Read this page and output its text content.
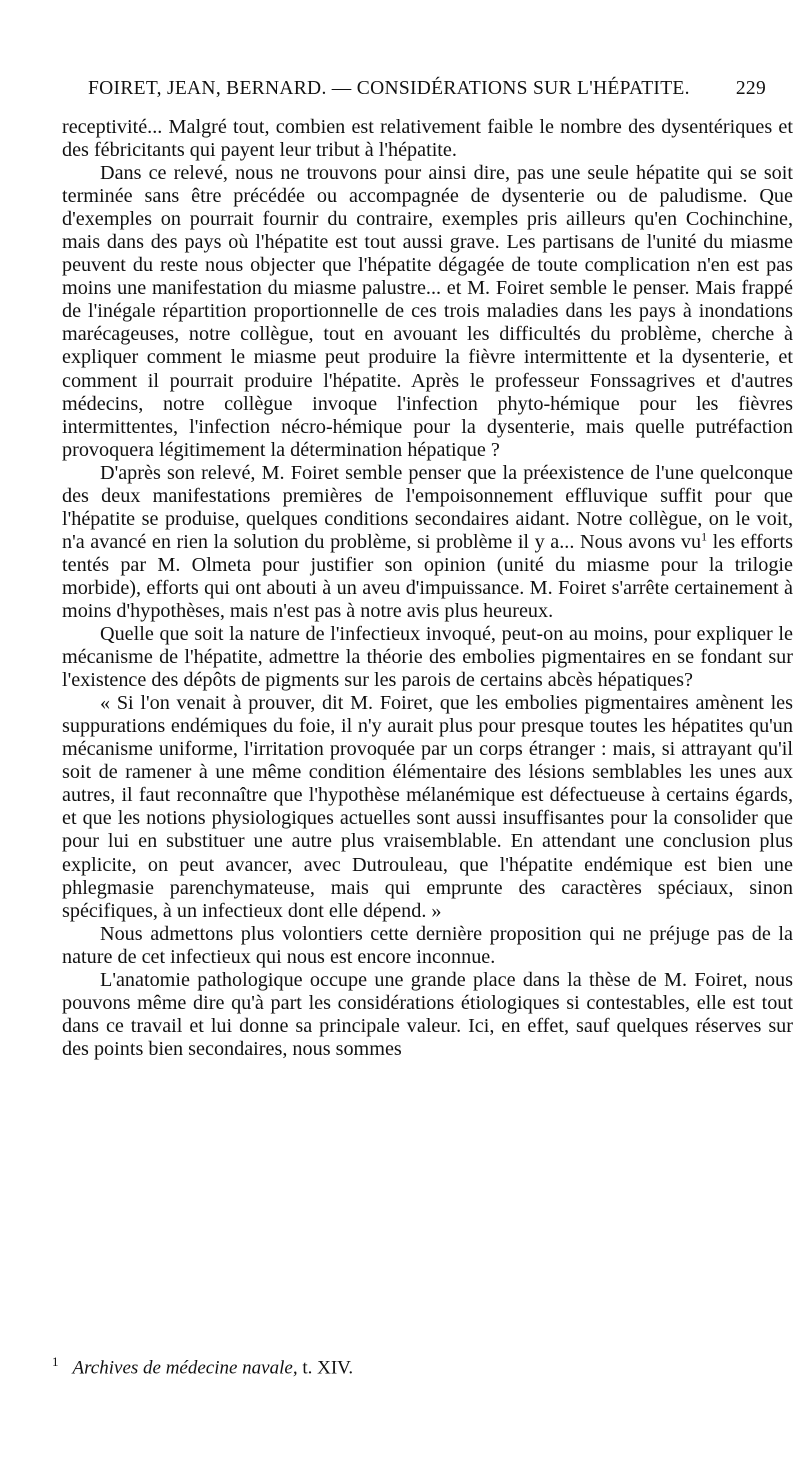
FOIRET, JEAN, BERNARD. — CONSIDÉRATIONS SUR L'HÉPATITE. 229

receptivité... Malgré tout, combien est relativement faible le nombre des dysentériques et des fébricitants qui payent leur tribut à l'hépatite.

Dans ce relevé, nous ne trouvons pour ainsi dire, pas une seule hépatite qui se soit terminée sans être précédée ou accompagnée de dysenterie ou de paludisme. Que d'exemples on pourrait fournir du contraire, exemples pris ailleurs qu'en Cochinchine, mais dans des pays où l'hépatite est tout aussi grave. Les partisans de l'unité du miasme peuvent du reste nous objecter que l'hépatite dégagée de toute complication n'en est pas moins une manifestation du miasme palustre... et M. Foiret semble le penser. Mais frappé de l'inégale répartition proportionnelle de ces trois maladies dans les pays à inondations marécageuses, notre collègue, tout en avouant les difficultés du problème, cherche à expliquer comment le miasme peut produire la fièvre intermittente et la dysenterie, et comment il pourrait produire l'hépatite. Après le professeur Fonssagrives et d'autres médecins, notre collègue invoque l'infection phyto-hémique pour les fièvres intermittentes, l'infection nécro-hémique pour la dysenterie, mais quelle putréfaction provoquera légitimement la détermination hépatique ?

D'après son relevé, M. Foiret semble penser que la préexistence de l'une quelconque des deux manifestations premières de l'empoisonnement effluvique suffit pour que l'hépatite se produise, quelques conditions secondaires aidant. Notre collègue, on le voit, n'a avancé en rien la solution du problème, si problème il y a... Nous avons vu$^1$ les efforts tentés par M. Olmeta pour justifier son opinion (unité du miasme pour la trilogie morbide), efforts qui ont abouti à un aveu d'impuissance. M. Foiret s'arrête certainement à moins d'hypothèses, mais n'est pas à notre avis plus heureux.

Quelle que soit la nature de l'infectieux invoqué, peut-on au moins, pour expliquer le mécanisme de l'hépatite, admettre la théorie des embolies pigmentaires en se fondant sur l'existence des dépôts de pigments sur les parois de certains abcès hépatiques?

« Si l'on venait à prouver, dit M. Foiret, que les embolies pigmentaires amènent les suppurations endémiques du foie, il n'y aurait plus pour presque toutes les hépatites qu'un mécanisme uniforme, l'irritation provoquée par un corps étranger : mais, si attrayant qu'il soit de ramener à une même condition élémentaire des lésions semblables les unes aux autres, il faut reconnaître que l'hypothèse mélanémique est défectueuse à certains égards, et que les notions physiologiques actuelles sont aussi insuffisantes pour la consolider que pour lui en substituer une autre plus vraisemblable. En attendant une conclusion plus explicite, on peut avancer, avec Dutrouleau, que l'hépatite endémique est bien une phlegmasie parenchymateuse, mais qui emprunte des caractères spéciaux, sinon spécifiques, à un infectieux dont elle dépend. »

Nous admettons plus volontiers cette dernière proposition qui ne préjuge pas de la nature de cet infectieux qui nous est encore inconnue.

L'anatomie pathologique occupe une grande place dans la thèse de M. Foiret, nous pouvons même dire qu'à part les considérations étiologiques si contestables, elle est tout dans ce travail et lui donne sa principale valeur. Ici, en effet, sauf quelques réserves sur des points bien secondaires, nous sommes

$^1$ Archives de médecine navale, t. XIV.
